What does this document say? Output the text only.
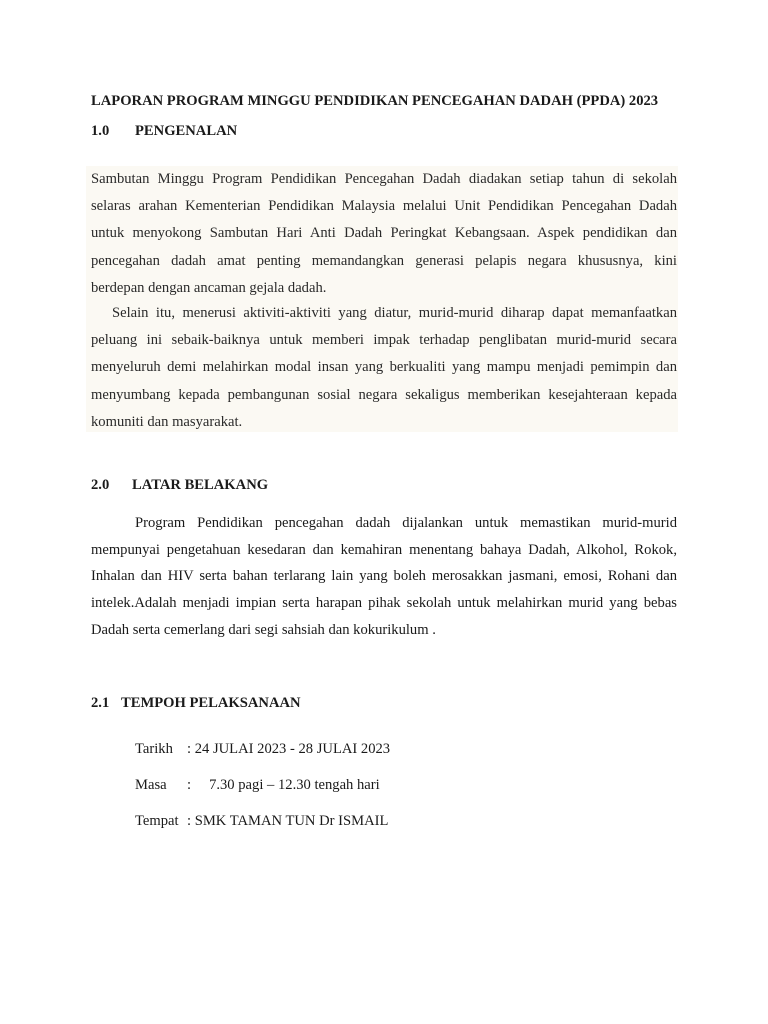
LAPORAN PROGRAM MINGGU PENDIDIKAN PENCEGAHAN DADAH (PPDA) 2023
1.0 PENGENALAN
Sambutan Minggu Program Pendidikan Pencegahan Dadah diadakan setiap tahun di sekolah
selaras arahan Kementerian Pendidikan Malaysia melalui Unit Pendidikan Pencegahan Dadah
untuk menyokong Sambutan Hari Anti Dadah Peringkat Kebangsaan. Aspek pendidikan dan
pencegahan dadah amat penting memandangkan generasi pelapis negara khususnya, kini
berdepan dengan ancaman gejala dadah.
Selain itu, menerusi aktiviti-aktiviti yang diatur, murid-murid diharap dapat memanfaatkan
peluang ini sebaik-baiknya untuk memberi impak terhadap penglibatan murid-murid secara
menyeluruh demi melahirkan modal insan yang berkualiti yang mampu menjadi pemimpin dan
menyumbang kepada pembangunan sosial negara sekaligus memberikan kesejahteraan kepada
komuniti dan masyarakat.
2.0 LATAR BELAKANG
Program Pendidikan pencegahan dadah dijalankan untuk memastikan murid-murid
mempunyai pengetahuan kesedaran dan kemahiran menentang bahaya Dadah, Alkohol, Rokok,
Inhalan dan HIV serta bahan terlarang lain yang boleh merosakkan jasmani, emosi, Rohani dan
intelek.Adalah menjadi impian serta harapan pihak sekolah untuk melahirkan murid yang bebas
Dadah serta cemerlang dari segi sahsiah dan kokurikulum .
2.1 TEMPOH PELAKSANAAN
Tarikh : 24 JULAI 2023 - 28 JULAI 2023
Masa : 7.30 pagi – 12.30 tengah hari
Tempat : SMK TAMAN TUN Dr ISMAIL
